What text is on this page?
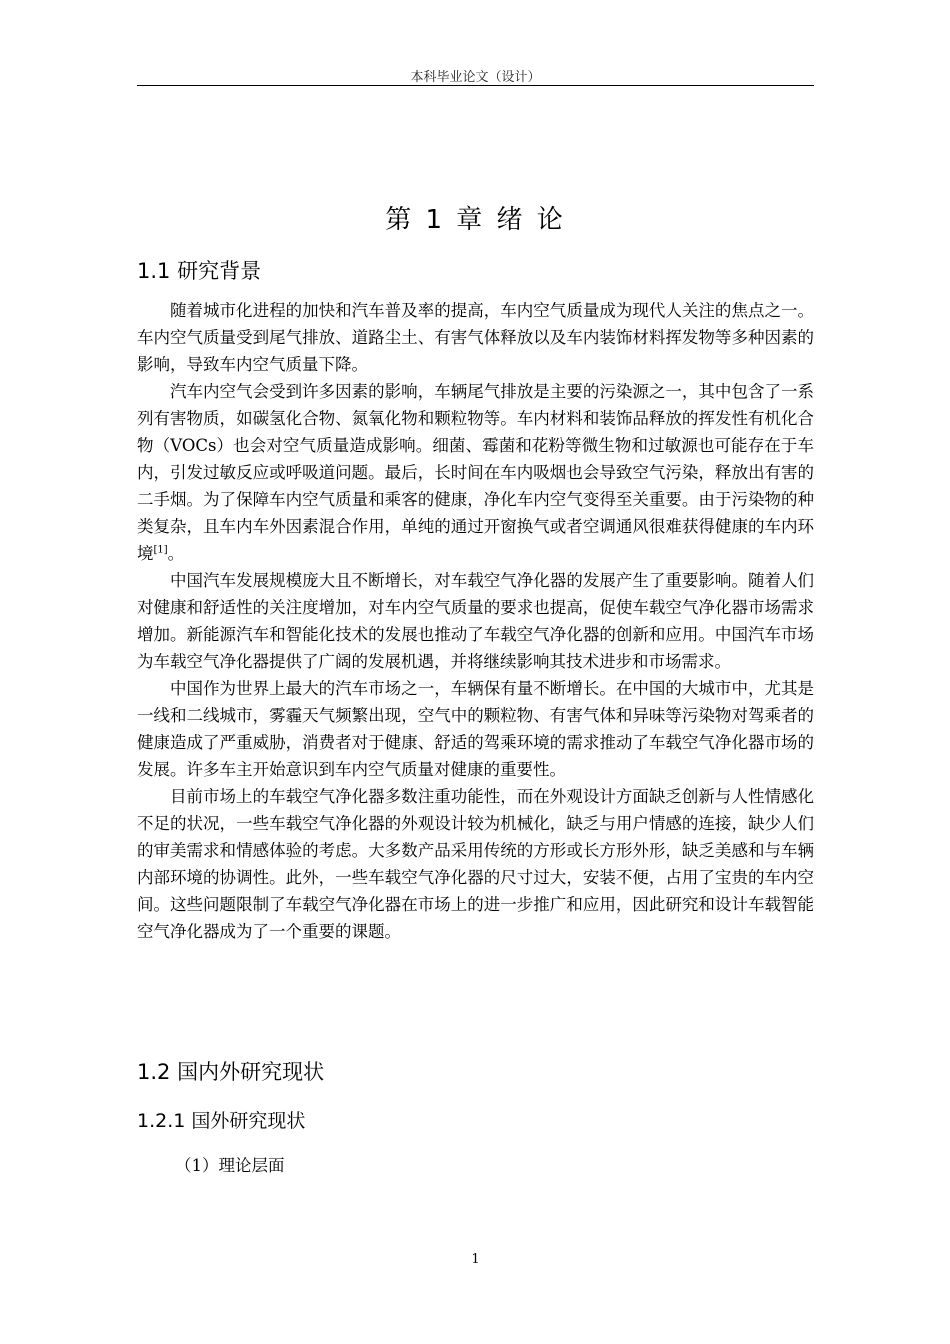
本科毕业论文（设计）
第 1 章 绪 论
1.1 研究背景

随着城市化进程的加快和汽车普及率的提高，车内空气质量成为现代人关注的焦点之一。车内空气质量受到尾气排放、道路尘土、有害气体释放以及车内装饰材料挥发物等多种因素的影响，导致车内空气质量下降。

汽车内空气会受到许多因素的影响，车辆尾气排放是主要的污染源之一，其中包含了一系列有害物质，如碳氢化合物、氮氧化物和颗粒物等。车内材料和装饰品释放的挥发性有机化合物（VOCs）也会对空气质量造成影响。细菌、霉菌和花粉等微生物和过敏源也可能存在于车内，引发过敏反应或呼吸道问题。最后，长时间在车内吸烟也会导致空气污染，释放出有害的二手烟。为了保障车内空气质量和乘客的健康，净化车内空气变得至关重要。由于污染物的种类复杂，且车内车外因素混合作用，单纯的通过开窗换气或者空调通风很难获得健康的车内环境[1]。

中国汽车发展规模庞大且不断增长，对车载空气净化器的发展产生了重要影响。随着人们对健康和舒适性的关注度增加，对车内空气质量的要求也提高，促使车载空气净化器市场需求增加。新能源汽车和智能化技术的发展也推动了车载空气净化器的创新和应用。中国汽车市场为车载空气净化器提供了广阔的发展机遇，并将继续影响其技术进步和市场需求。

中国作为世界上最大的汽车市场之一，车辆保有量不断增长。在中国的大城市中，尤其是一线和二线城市，雾霾天气频繁出现，空气中的颗粒物、有害气体和异味等污染物对驾乘者的健康造成了严重威胁，消费者对于健康、舒适的驾乘环境的需求推动了车载空气净化器市场的发展。许多车主开始意识到车内空气质量对健康的重要性。

目前市场上的车载空气净化器多数注重功能性，而在外观设计方面缺乏创新与人性情感化不足的状况，一些车载空气净化器的外观设计较为机械化，缺乏与用户情感的连接，缺少人们的审美需求和情感体验的考虑。大多数产品采用传统的方形或长方形外形，缺乏美感和与车辆内部环境的协调性。此外，一些车载空气净化器的尺寸过大，安装不便，占用了宝贵的车内空间。这些问题限制了车载空气净化器在市场上的进一步推广和应用，因此研究和设计车载智能空气净化器成为了一个重要的课题。

1.2 国内外研究现状
1.2.1 国外研究现状

（1）理论层面

1
